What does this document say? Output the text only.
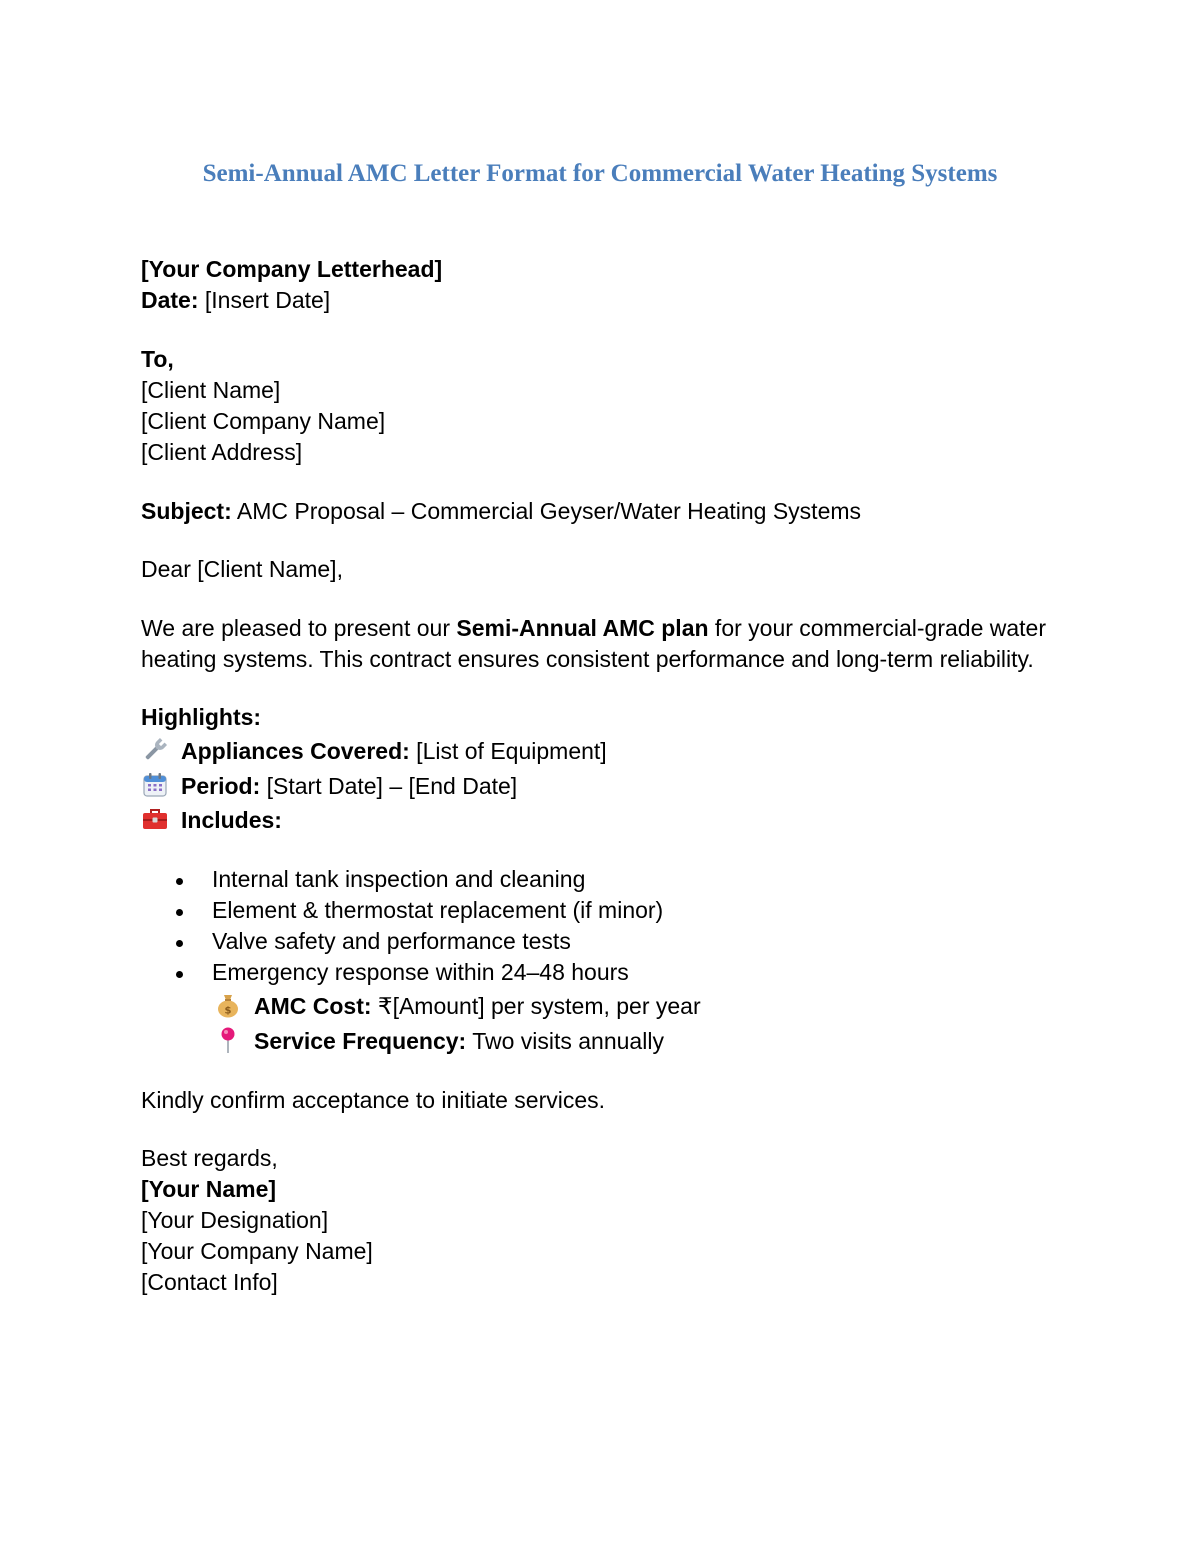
Semi-Annual AMC Letter Format for Commercial Water Heating Systems
[Your Company Letterhead]
Date: [Insert Date]
To,
[Client Name]
[Client Company Name]
[Client Address]
Subject: AMC Proposal – Commercial Geyser/Water Heating Systems
Dear [Client Name],
We are pleased to present our Semi-Annual AMC plan for your commercial-grade water
heating systems. This contract ensures consistent performance and long-term reliability.
Highlights:
Appliances Covered: [List of Equipment]
Period: [Start Date] – [End Date]
Includes:
Internal tank inspection and cleaning
Element & thermostat replacement (if minor)
Valve safety and performance tests
Emergency response within 24–48 hours
$ AMC Cost: ₹[Amount] per system, per year
Service Frequency: Two visits annually
Kindly confirm acceptance to initiate services.
Best regards,
[Your Name]
[Your Designation]
[Your Company Name]
[Contact Info]
